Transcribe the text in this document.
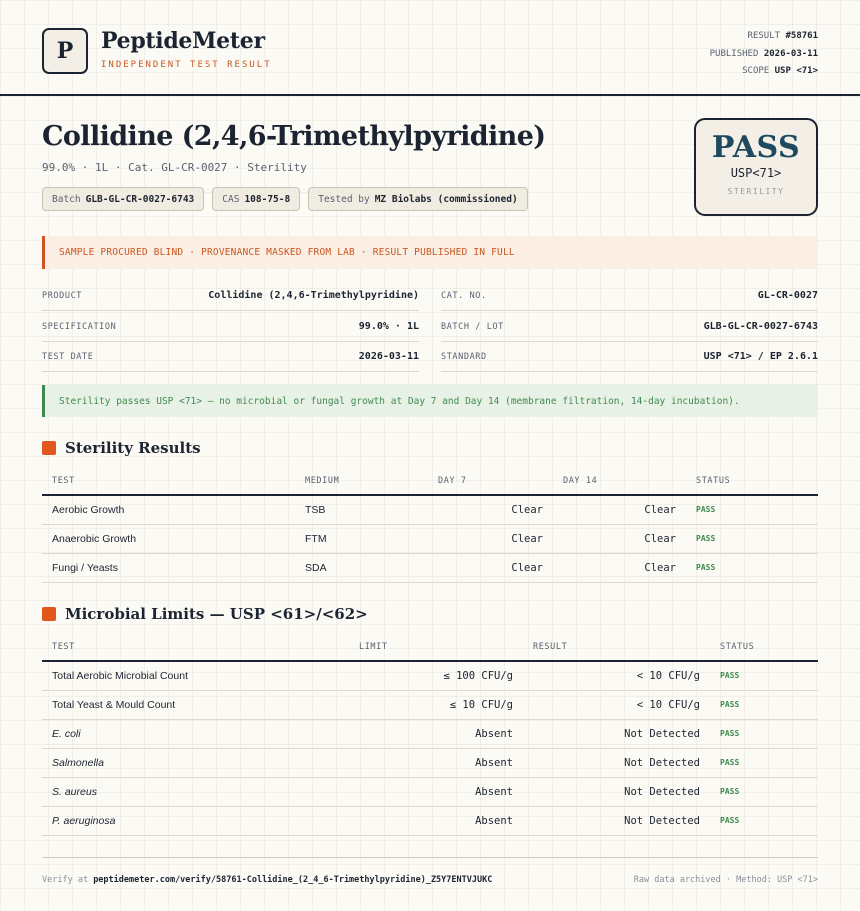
P PeptideMeter
INDEPENDENT TEST RESULT
RESULT #58761
PUBLISHED 2026-03-11
SCOPE USP <71>
Collidine (2,4,6-Trimethylpyridine)
99.0% · 1L · Cat. GL-CR-0027 · Sterility
Batch GLB-GL-CR-0027-6743	CAS 108-75-8	Tested by MZ Biolabs (commissioned)
PASS
USP<71>
STERILITY
SAMPLE PROCURED BLIND · PROVENANCE MASKED FROM LAB · RESULT PUBLISHED IN FULL
PRODUCT	Collidine (2,4,6-Trimethylpyridine)	CAT. NO.	GL-CR-0027
SPECIFICATION	99.0% · 1L	BATCH / LOT	GLB-GL-CR-0027-6743
TEST DATE	2026-03-11	STANDARD	USP <71> / EP 2.6.1
Sterility passes USP <71> — no microbial or fungal growth at Day 7 and Day 14 (membrane filtration, 14-day incubation).
Sterility Results
TEST	MEDIUM	DAY 7	DAY 14	STATUS
Aerobic Growth	TSB	Clear	Clear	PASS
Anaerobic Growth	FTM	Clear	Clear	PASS
Fungi / Yeasts	SDA	Clear	Clear	PASS
Microbial Limits — USP <61>/<62>
TEST	LIMIT	RESULT	STATUS
Total Aerobic Microbial Count	≤ 100 CFU/g	< 10 CFU/g	PASS
Total Yeast & Mould Count	≤ 10 CFU/g	< 10 CFU/g	PASS
E. coli	Absent	Not Detected	PASS
Salmonella	Absent	Not Detected	PASS
S. aureus	Absent	Not Detected	PASS
P. aeruginosa	Absent	Not Detected	PASS
Verify at peptidemeter.com/verify/58761-Collidine_(2_4_6-Trimethylpyridine)_Z5Y7ENTVJUKC	Raw data archived · Method: USP <71>
